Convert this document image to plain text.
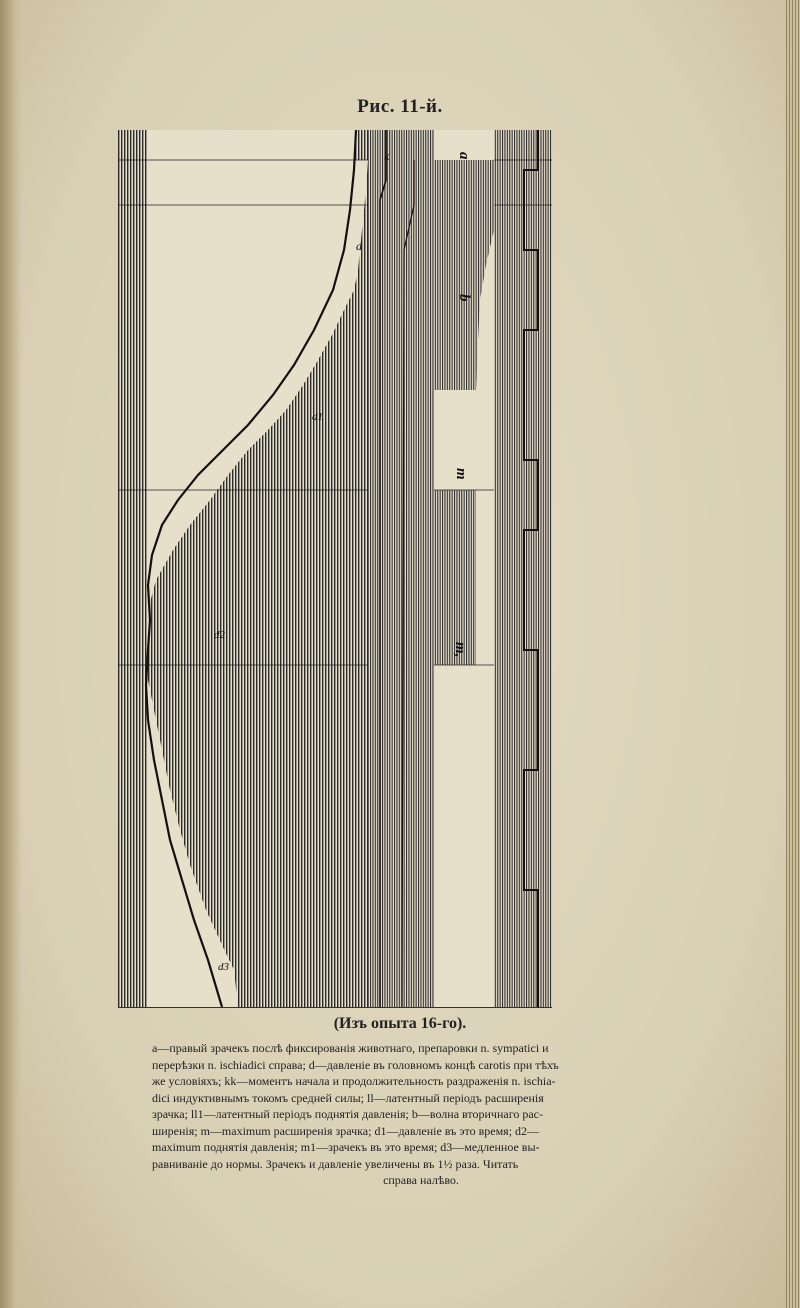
Рис. 11-й.
a
b
m
m,
k
d
d1
d2
d3
(Изъ опыта 16-го).

a—правый зрачекъ послѣ фиксированія животнаго, препаровки n. sympatici и

перерѣзки n. ischiadici справа; d—давленіе въ головномъ концѣ carotis при тѣхъ

же условіяхъ; kk—моментъ начала и продолжительность раздраженія n. ischia-

dici индуктивнымъ токомъ средней силы; ll—латентный періодъ расширенія

зрачка; ll1—латентный періодъ поднятія давленія; b—волна вторичнаго рас-

ширенія; m—maximum расширенія зрачка; d1—давленіе въ это время; d2—

maximum поднятія давленія; m1—зрачекъ въ это время; d3—медленное вы-

равниваніе до нормы. Зрачекъ и давленіе увеличены въ 1½ раза. Читать

справа налѣво.
